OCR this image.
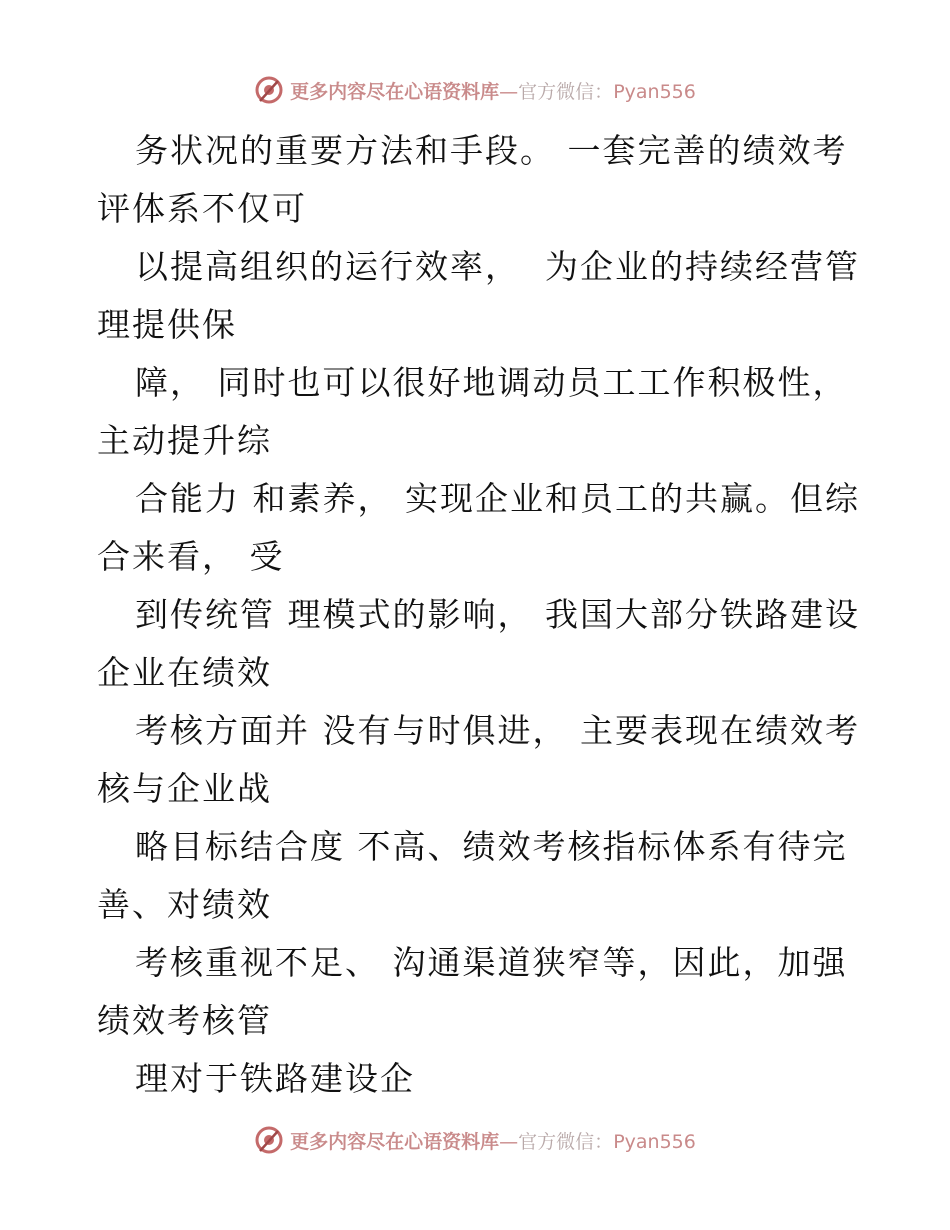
更多内容尽在心语资料库—官方微信：Pyan556
务状况的重要方法和手段。 一套完善的绩效考
评体系不仅可
以提高组织的运行效率，  为企业的持续经营管
理提供保
障， 同时也可以很好地调动员工工作积极性，
主动提升综
合能力 和素养， 实现企业和员工的共赢。但综
合来看， 受
到传统管 理模式的影响， 我国大部分铁路建设
企业在绩效
考核方面并 没有与时俱进， 主要表现在绩效考
核与企业战
略目标结合度 不高、绩效考核指标体系有待完
善、对绩效
考核重视不足、 沟通渠道狭窄等，因此，加强
绩效考核管
理对于铁路建设企
更多内容尽在心语资料库—官方微信：Pyan556
